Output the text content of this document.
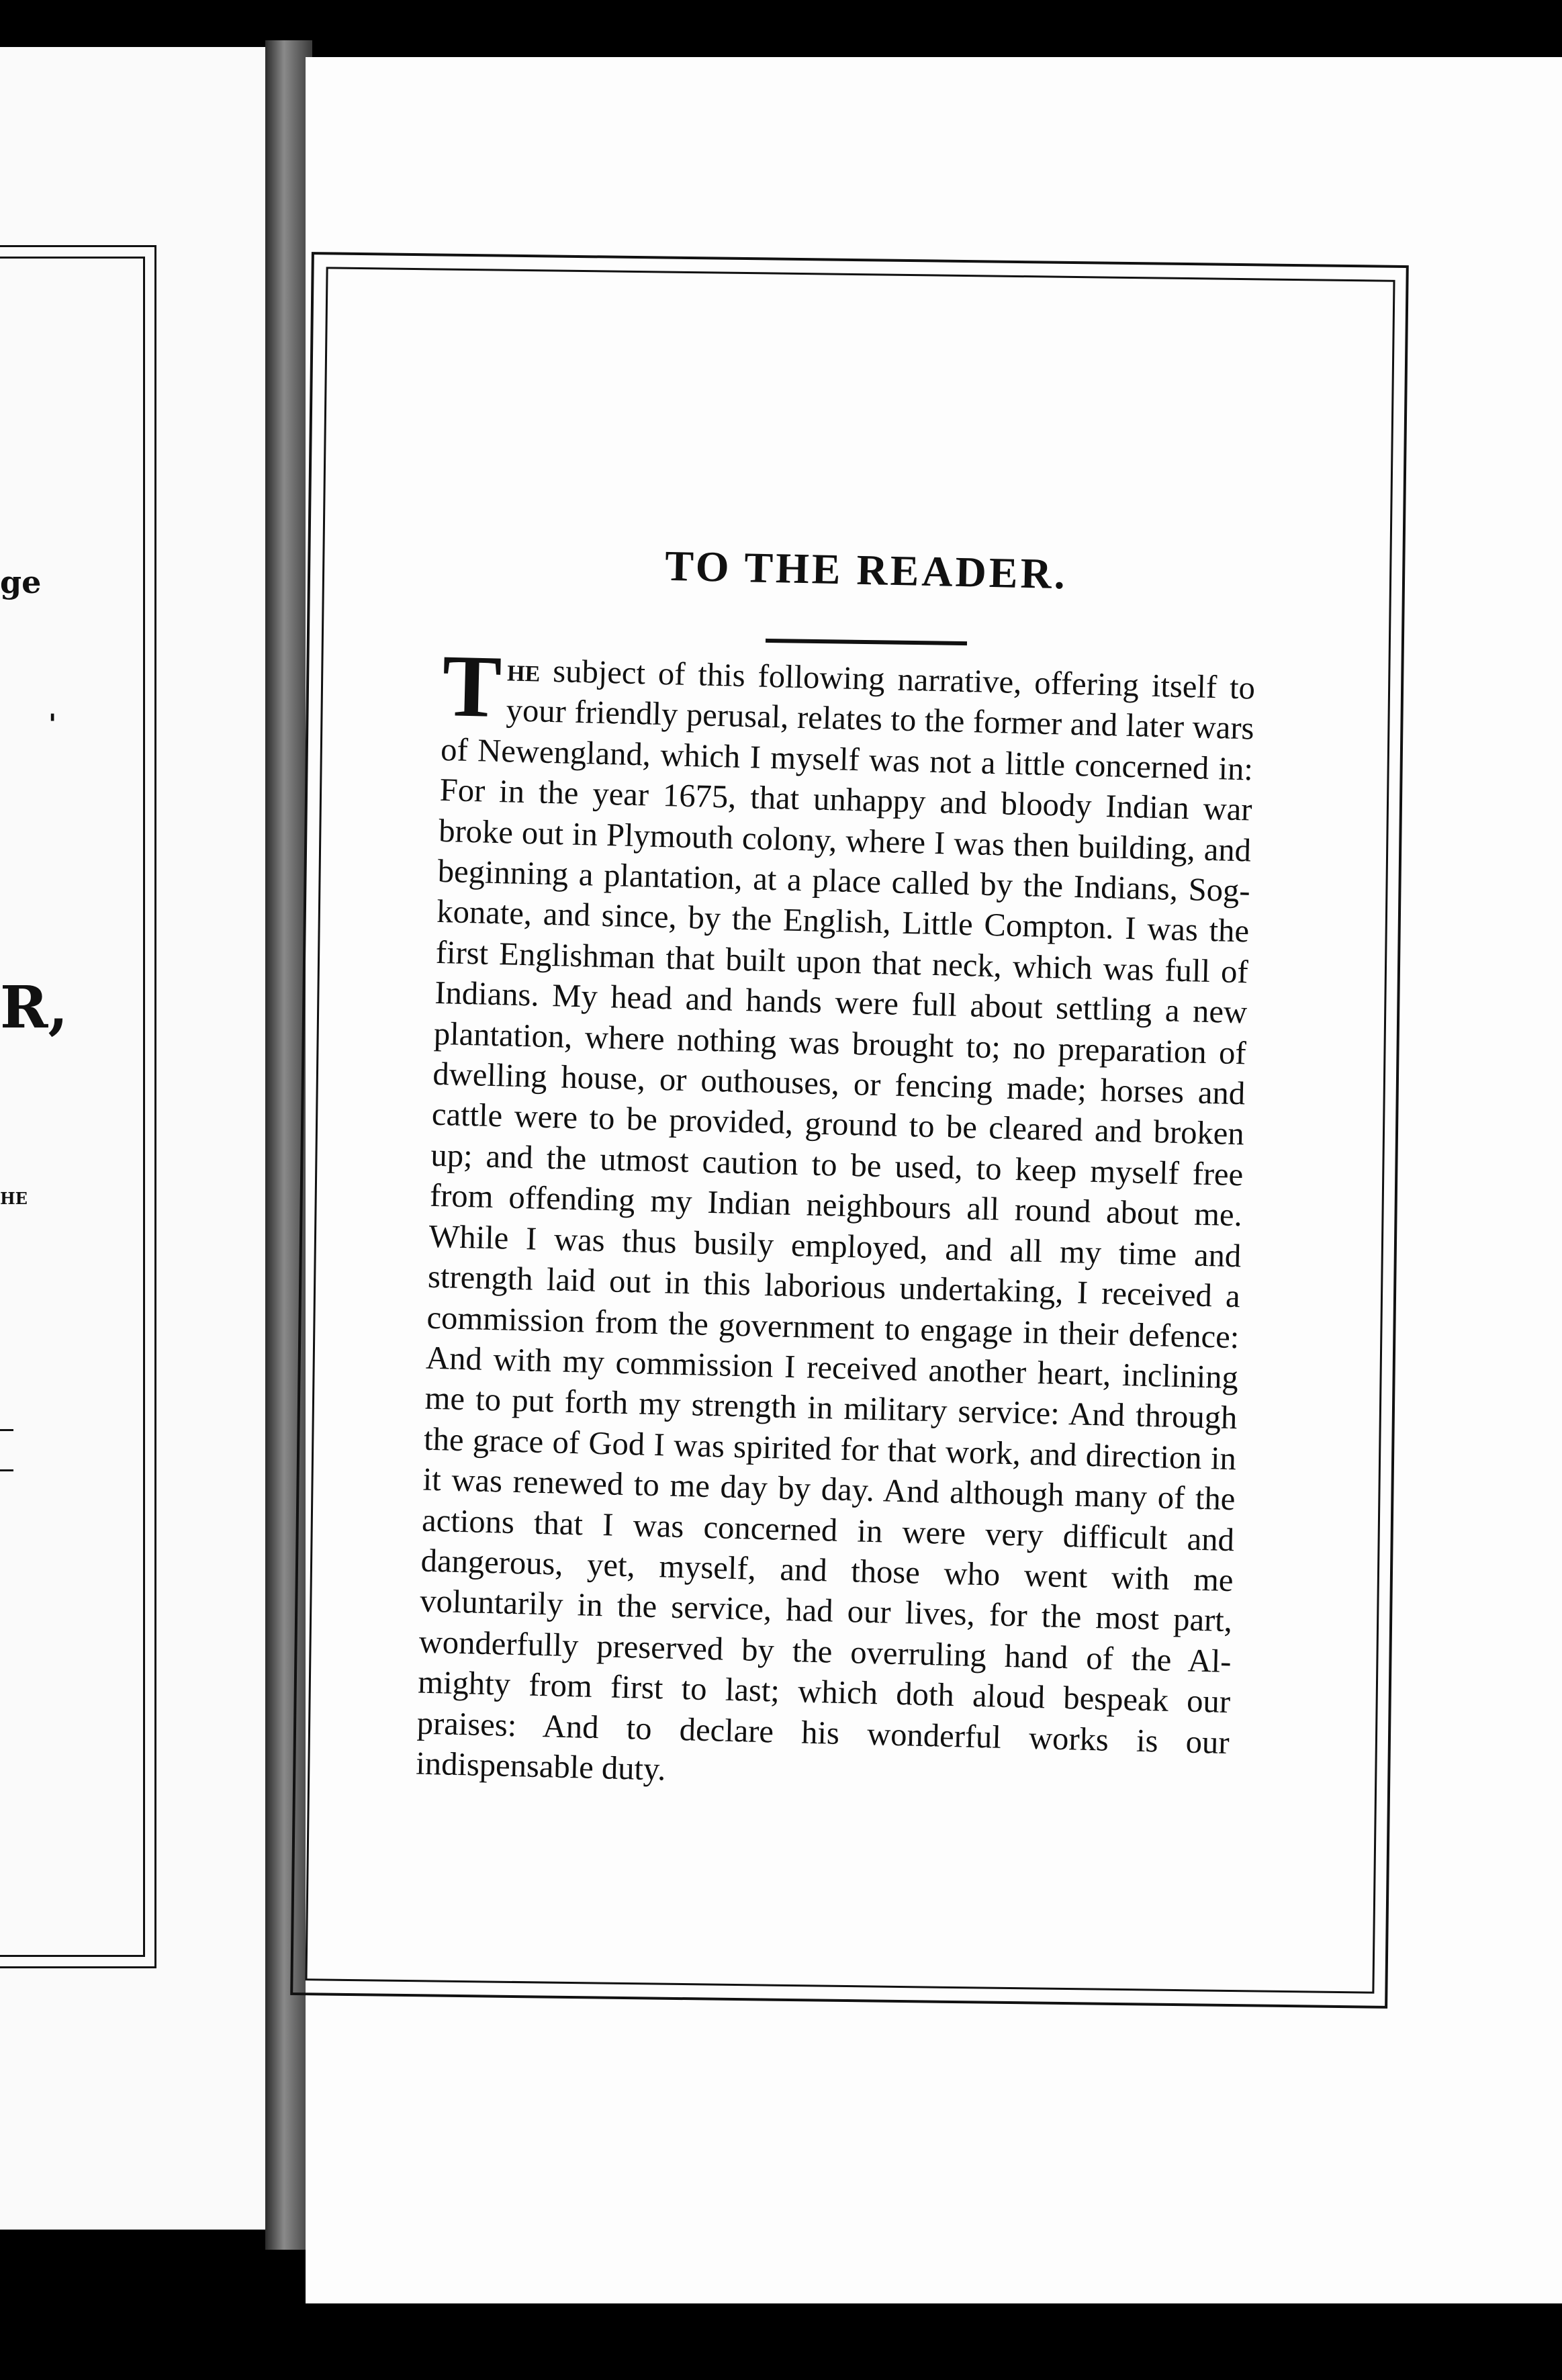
ge
'
R,
HE
TO THE READER.

The subject of this following narrative, offering itself to your friendly perusal, relates to the former and later wars of Newengland, which I myself was not a little concerned in: For in the year 1675, that unhappy and bloody Indian war broke out in Plymouth colony, where I was then building, and beginning a plantation, at a place called by the Indians, Sogkonate, and since, by the English, Little Compton. I was the first Englishman that built upon that neck, which was full of Indians. My head and hands were full about settling a new plantation, where nothing was brought to; no preparation of dwelling house, or outhouses, or fencing made; horses and cattle were to be provided, ground to be cleared and broken up; and the utmost caution to be used, to keep myself free from offending my Indian neighbours all round about me. While I was thus busily employed, and all my time and strength laid out in this laborious undertaking, I received a commission from the government to engage in their defence: And with my commission I received another heart, inclining me to put forth my strength in military service: And through the grace of God I was spirited for that work, and direction in it was renewed to me day by day. And although many of the actions that I was concerned in were very difficult and dangerous, yet, myself, and those who went with me voluntarily in the service, had our lives, for the most part, wonderfully preserved by the overruling hand of the Almighty from first to last; which doth aloud bespeak our praises: And to declare his wonderful works is our indispensable duty.
